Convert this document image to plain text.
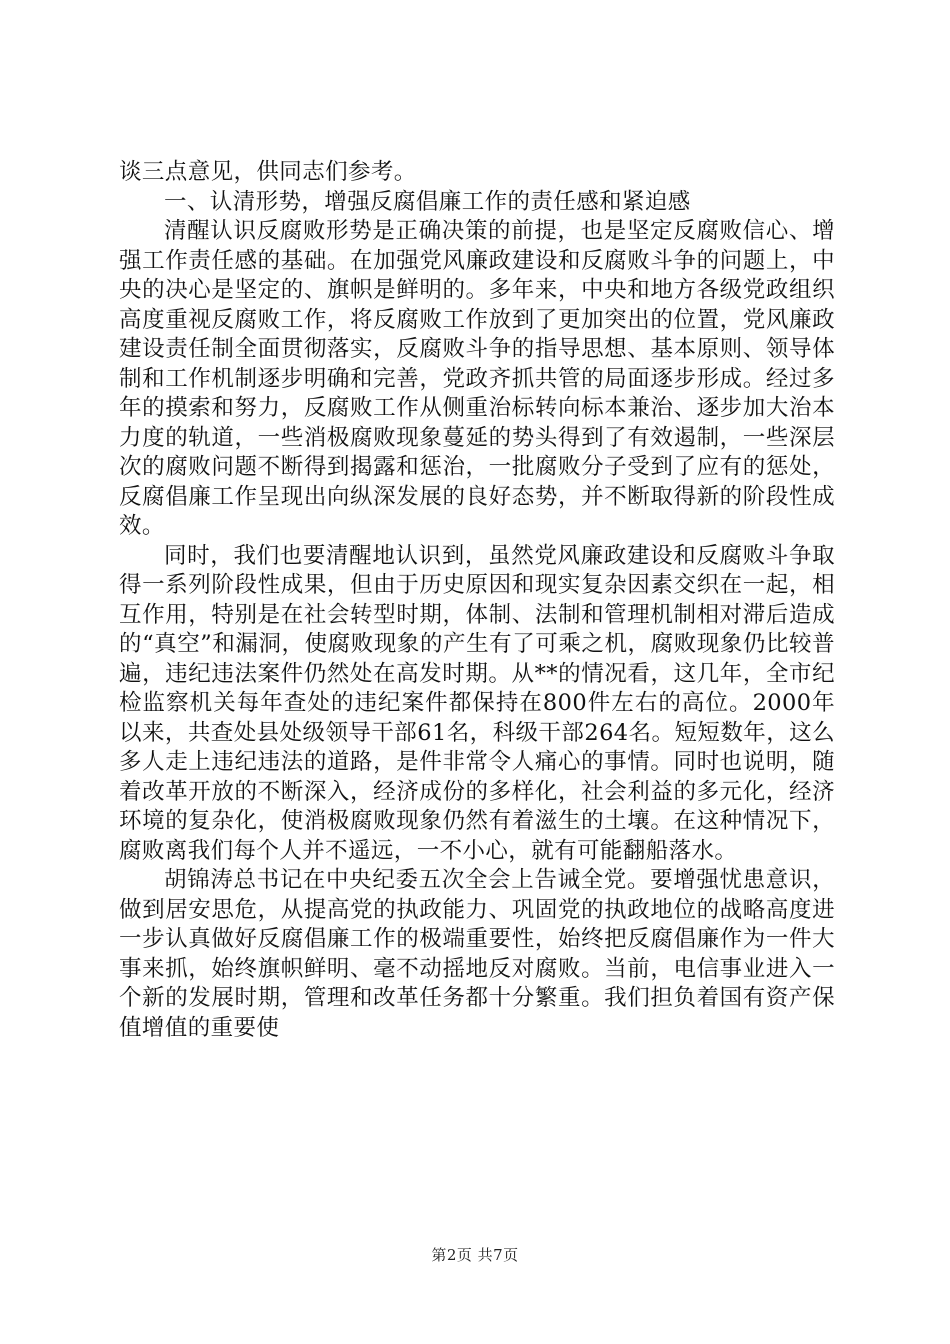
谈三点意见，供同志们参考。

一、认清形势，增强反腐倡廉工作的责任感和紧迫感

清醒认识反腐败形势是正确决策的前提，也是坚定反腐败信心、增强工作责任感的基础。在加强党风廉政建设和反腐败斗争的问题上，中央的决心是坚定的、旗帜是鲜明的。多年来，中央和地方各级党政组织高度重视反腐败工作，将反腐败工作放到了更加突出的位置，党风廉政建设责任制全面贯彻落实，反腐败斗争的指导思想、基本原则、领导体制和工作机制逐步明确和完善，党政齐抓共管的局面逐步形成。经过多年的摸索和努力，反腐败工作从侧重治标转向标本兼治、逐步加大治本力度的轨道，一些消极腐败现象蔓延的势头得到了有效遏制，一些深层次的腐败问题不断得到揭露和惩治，一批腐败分子受到了应有的惩处，反腐倡廉工作呈现出向纵深发展的良好态势，并不断取得新的阶段性成效。

同时，我们也要清醒地认识到，虽然党风廉政建设和反腐败斗争取得一系列阶段性成果，但由于历史原因和现实复杂因素交织在一起，相互作用，特别是在社会转型时期，体制、法制和管理机制相对滞后造成的“真空”和漏洞，使腐败现象的产生有了可乘之机，腐败现象仍比较普遍，违纪违法案件仍然处在高发时期。从**的情况看，这几年，全市纪检监察机关每年查处的违纪案件都保持在800件左右的高位。2000年以来，共查处县处级领导干部61名，科级干部264名。短短数年，这么多人走上违纪违法的道路，是件非常令人痛心的事情。同时也说明，随着改革开放的不断深入，经济成份的多样化，社会利益的多元化，经济环境的复杂化，使消极腐败现象仍然有着滋生的土壤。在这种情况下，腐败离我们每个人并不遥远，一不小心，就有可能翻船落水。

胡锦涛总书记在中央纪委五次全会上告诫全党。要增强忧患意识，做到居安思危，从提高党的执政能力、巩固党的执政地位的战略高度进一步认真做好反腐倡廉工作的极端重要性，始终把反腐倡廉作为一件大事来抓，始终旗帜鲜明、毫不动摇地反对腐败。当前，电信事业进入一个新的发展时期，管理和改革任务都十分繁重。我们担负着国有资产保值增值的重要使

第2页 共7页
